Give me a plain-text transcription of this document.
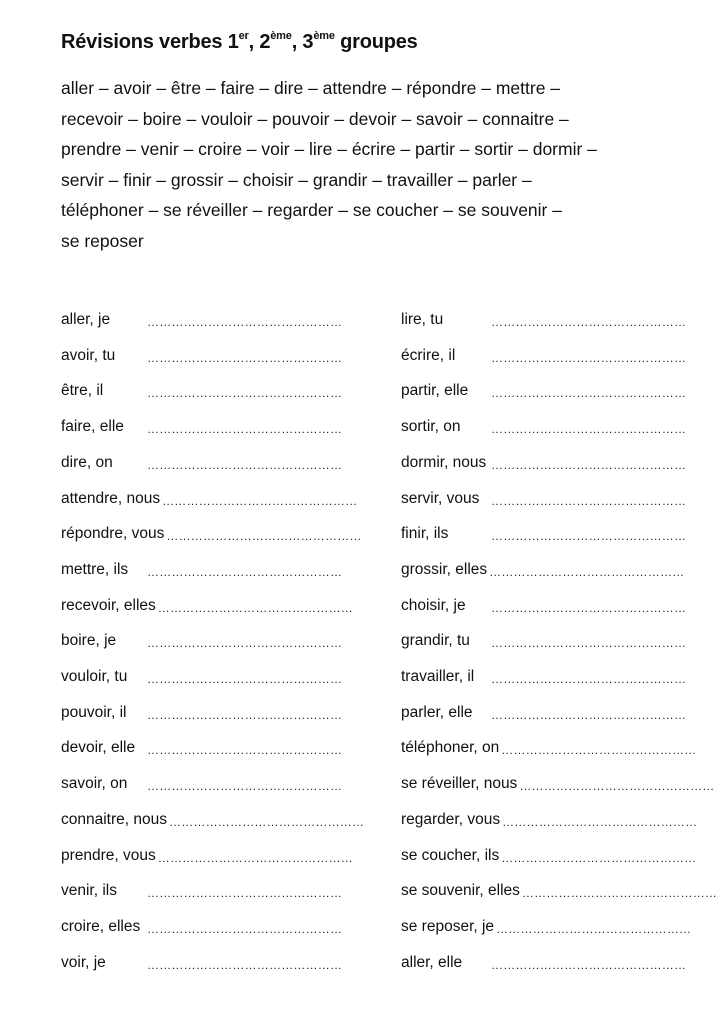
Révisions verbes 1er, 2ème, 3ème groupes
aller – avoir – être – faire – dire – attendre – répondre – mettre –
recevoir – boire – vouloir – pouvoir – devoir – savoir – connaitre –
prendre – venir – croire – voir – lire – écrire – partir – sortir – dormir –
servir – finir – grossir – choisir – grandir – travailler – parler –
téléphoner – se réveiller – regarder – se coucher – se souvenir –
se reposer
aller, je	…………………………………………
avoir, tu	…………………………………………
être, il	…………………………………………
faire, elle …………………………………………
dire, on	…………………………………………
attendre, nous …………………………………………
répondre, vous …………………………………………
mettre, ils …………………………………………
recevoir, elles …………………………………………
boire, je	…………………………………………
vouloir, tu …………………………………………
pouvoir, il …………………………………………
devoir, elle …………………………………………
savoir, on …………………………………………
connaitre, nous …………………………………………
prendre, vous …………………………………………
venir, ils	…………………………………………
croire, elles …………………………………………
voir, je	…………………………………………
lire, tu	…………………………………………
écrire, il	…………………………………………
partir, elle …………………………………………
sortir, on	…………………………………………
dormir, nous …………………………………………
servir, vous …………………………………………
finir, ils	…………………………………………
grossir, elles …………………………………………
choisir, je …………………………………………
grandir, tu …………………………………………
travailler, il …………………………………………
parler, elle …………………………………………
téléphoner, on …………………………………………
se réveiller, nous …………………………………………
regarder, vous …………………………………………
se coucher, ils …………………………………………
se souvenir, elles …………………………………………
se reposer, je …………………………………………
aller, elle …………………………………………
